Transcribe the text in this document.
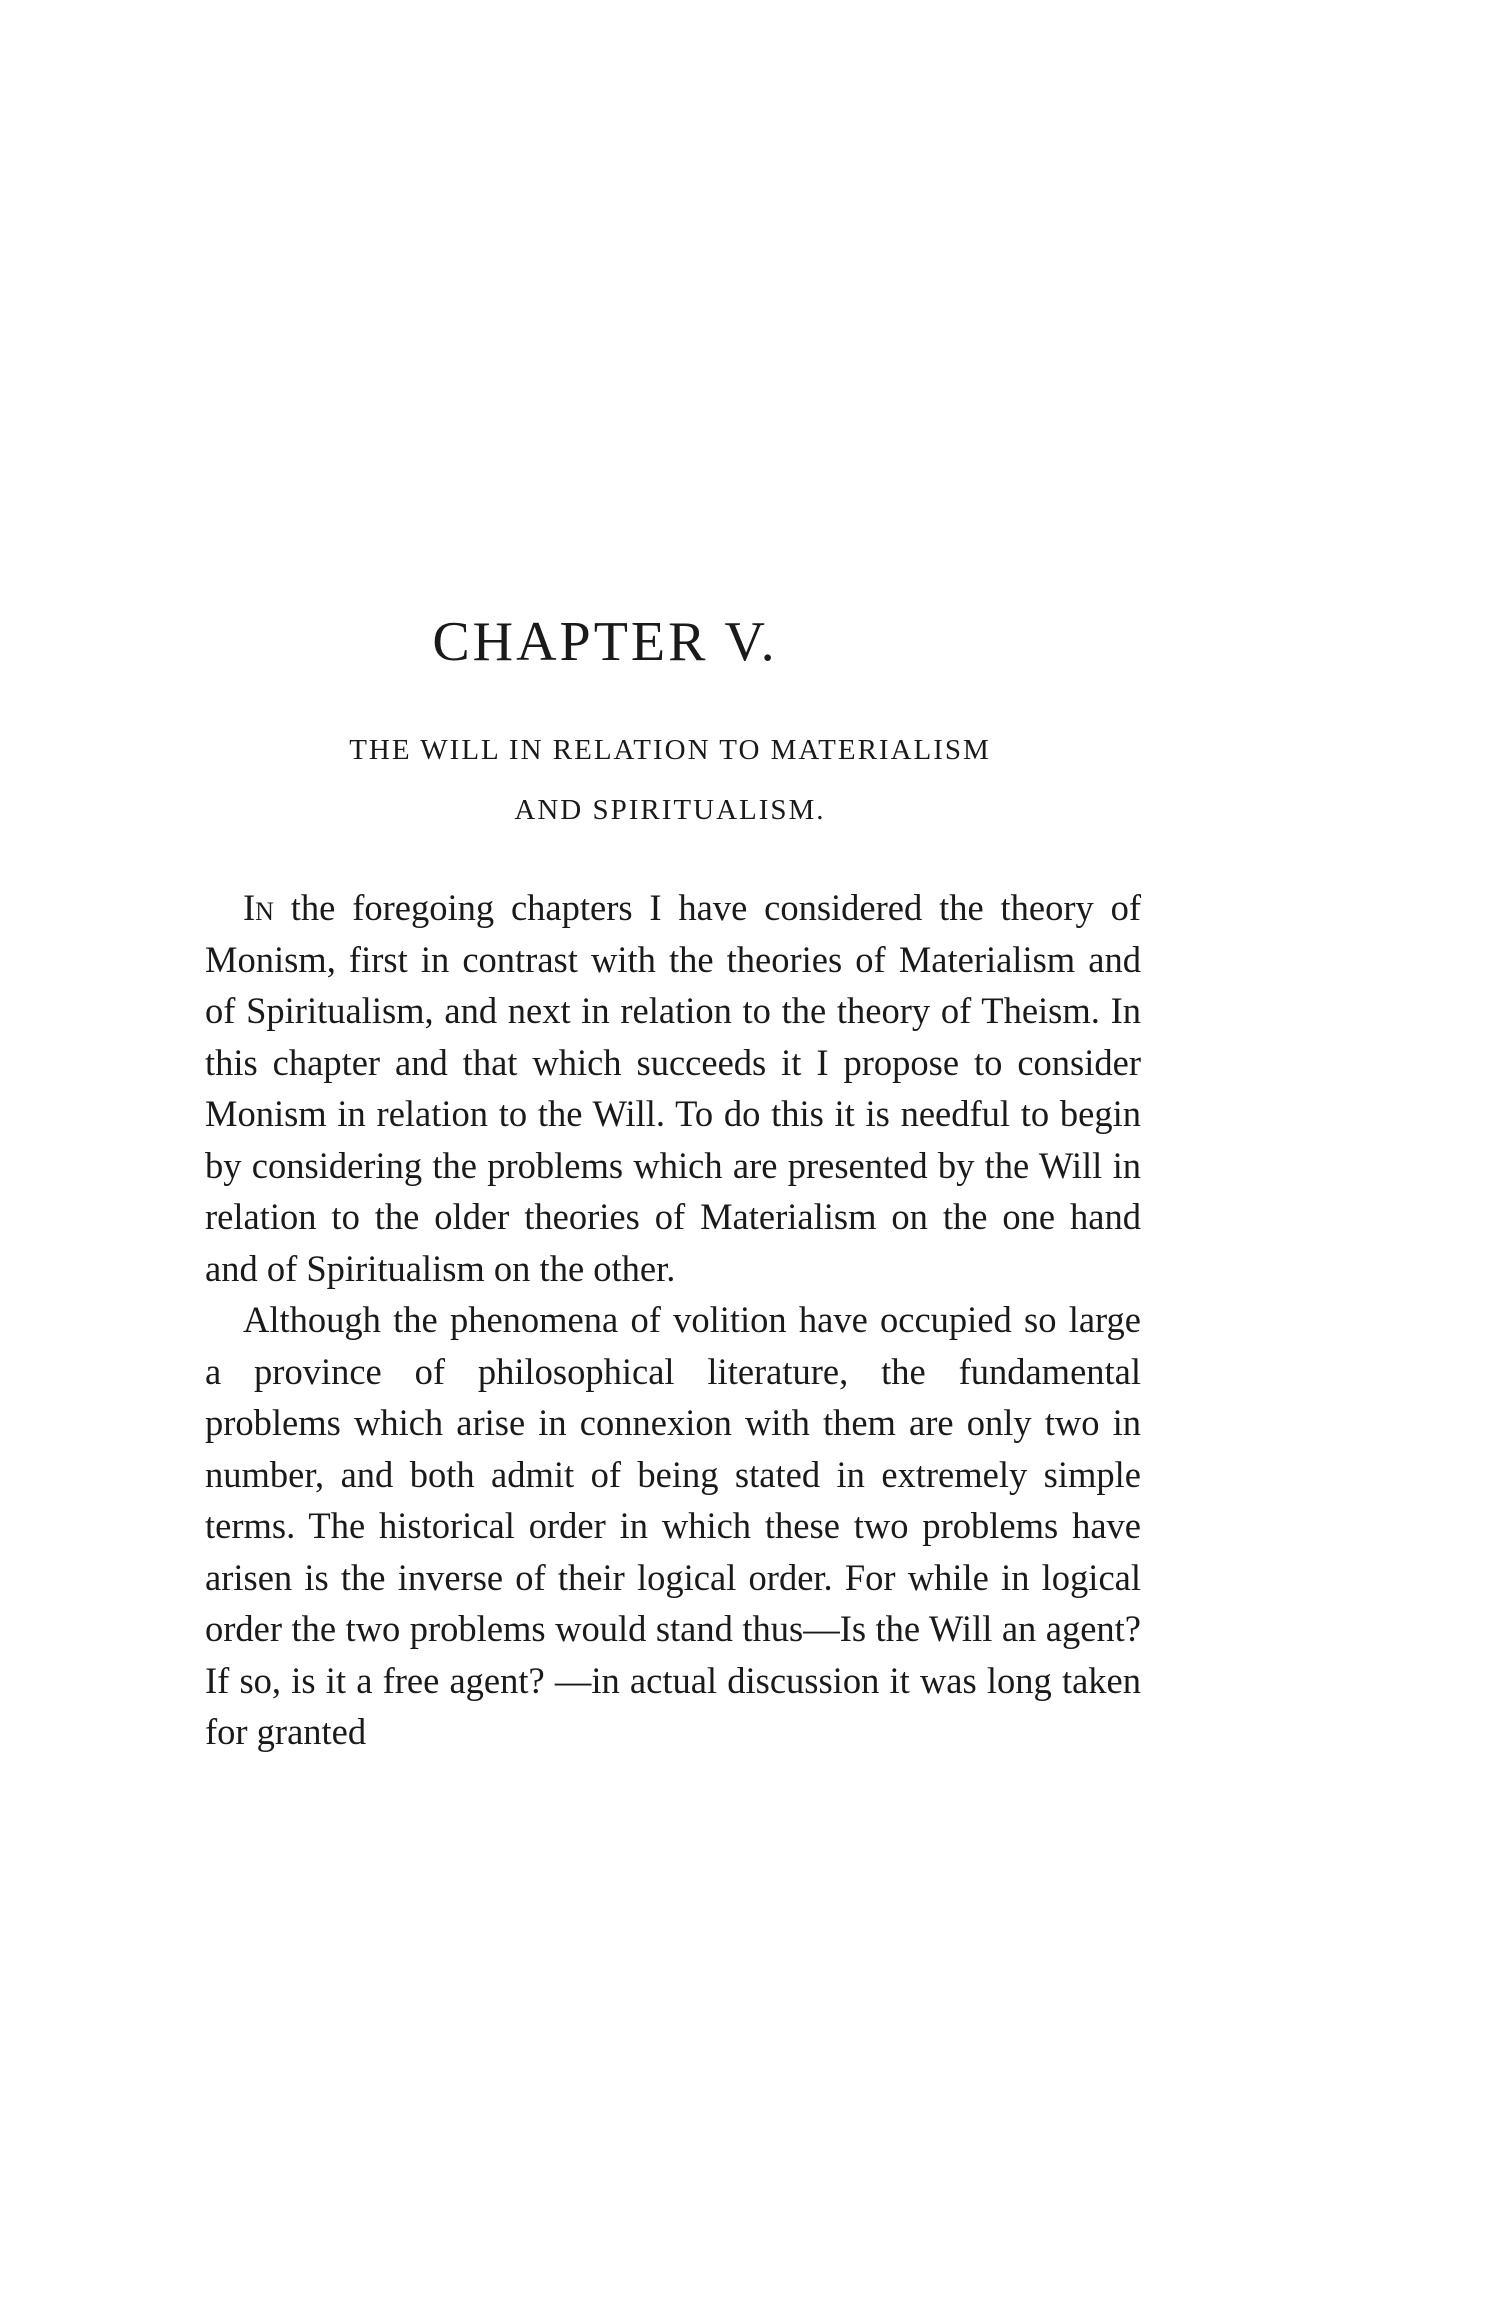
CHAPTER V.
THE WILL IN RELATION TO MATERIALISM
AND SPIRITUALISM.

In the foregoing chapters I have considered the theory of Monism, first in contrast with the theories of Materialism and of Spiritualism, and next in relation to the theory of Theism. In this chapter and that which succeeds it I propose to consider Monism in relation to the Will. To do this it is needful to begin by considering the problems which are presented by the Will in relation to the older theories of Materialism on the one hand and of Spiritualism on the other.

Although the phenomena of volition have occupied so large a province of philosophical literature, the fundamental problems which arise in connexion with them are only two in number, and both admit of being stated in extremely simple terms. The historical order in which these two problems have arisen is the inverse of their logical order. For while in logical order the two problems would stand thus—Is the Will an agent? If so, is it a free agent? —in actual discussion it was long taken for granted
